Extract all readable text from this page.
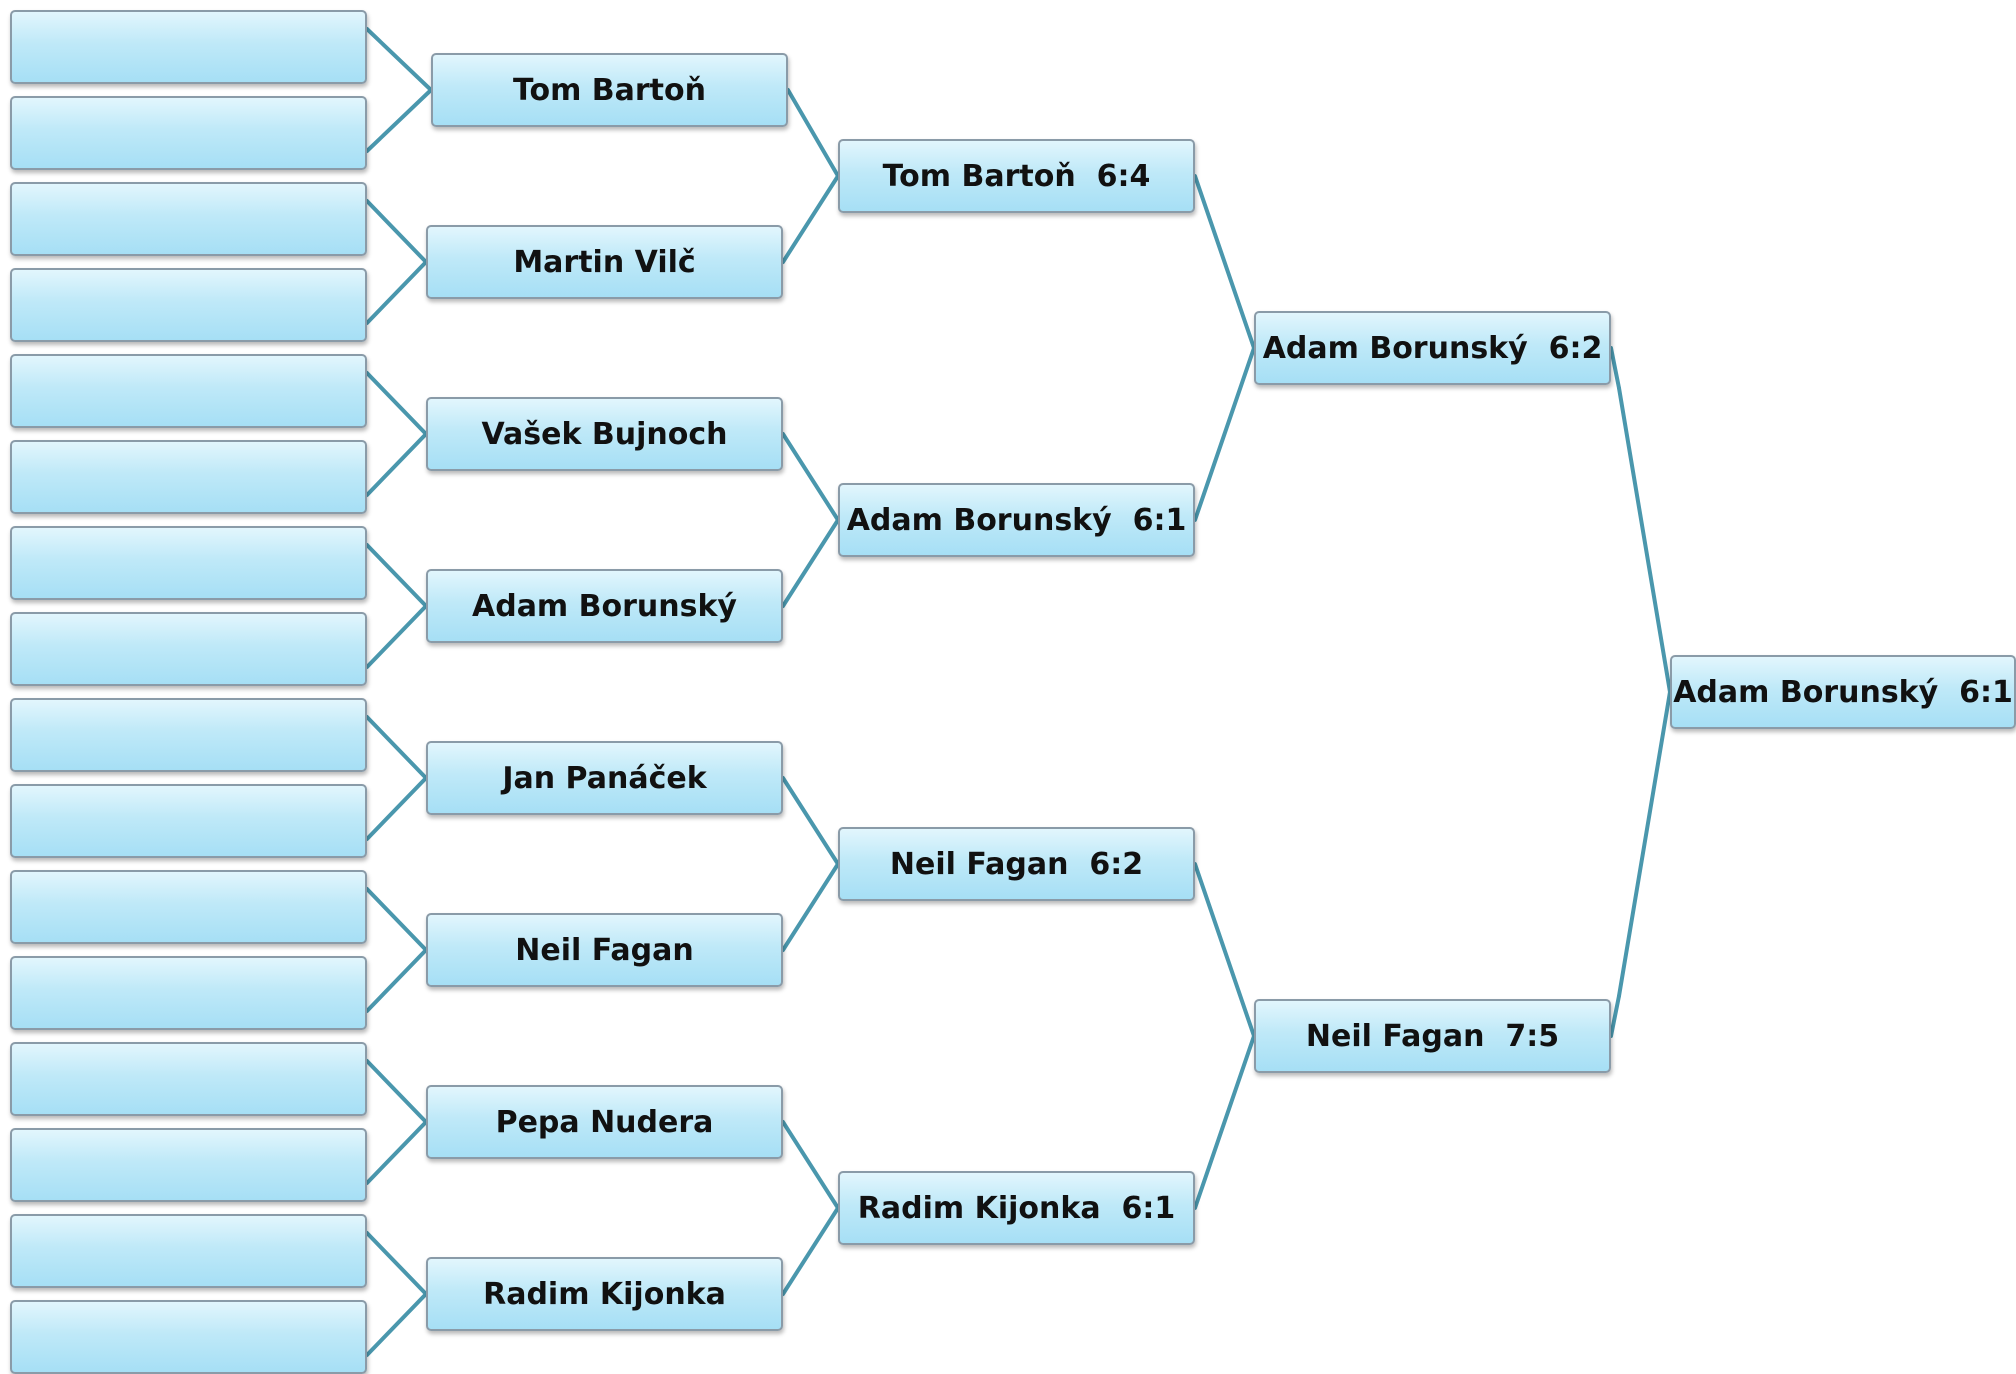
Tom Bartoň
Martin Vilč
Vašek Bujnoch
Adam Borunský
Jan Panáček
Neil Fagan
Pepa Nudera
Radim Kijonka
Tom Bartoň  6:4
Adam Borunský  6:1
Neil Fagan  6:2
Radim Kijonka  6:1
Adam Borunský  6:2
Neil Fagan  7:5
Adam Borunský  6:1
